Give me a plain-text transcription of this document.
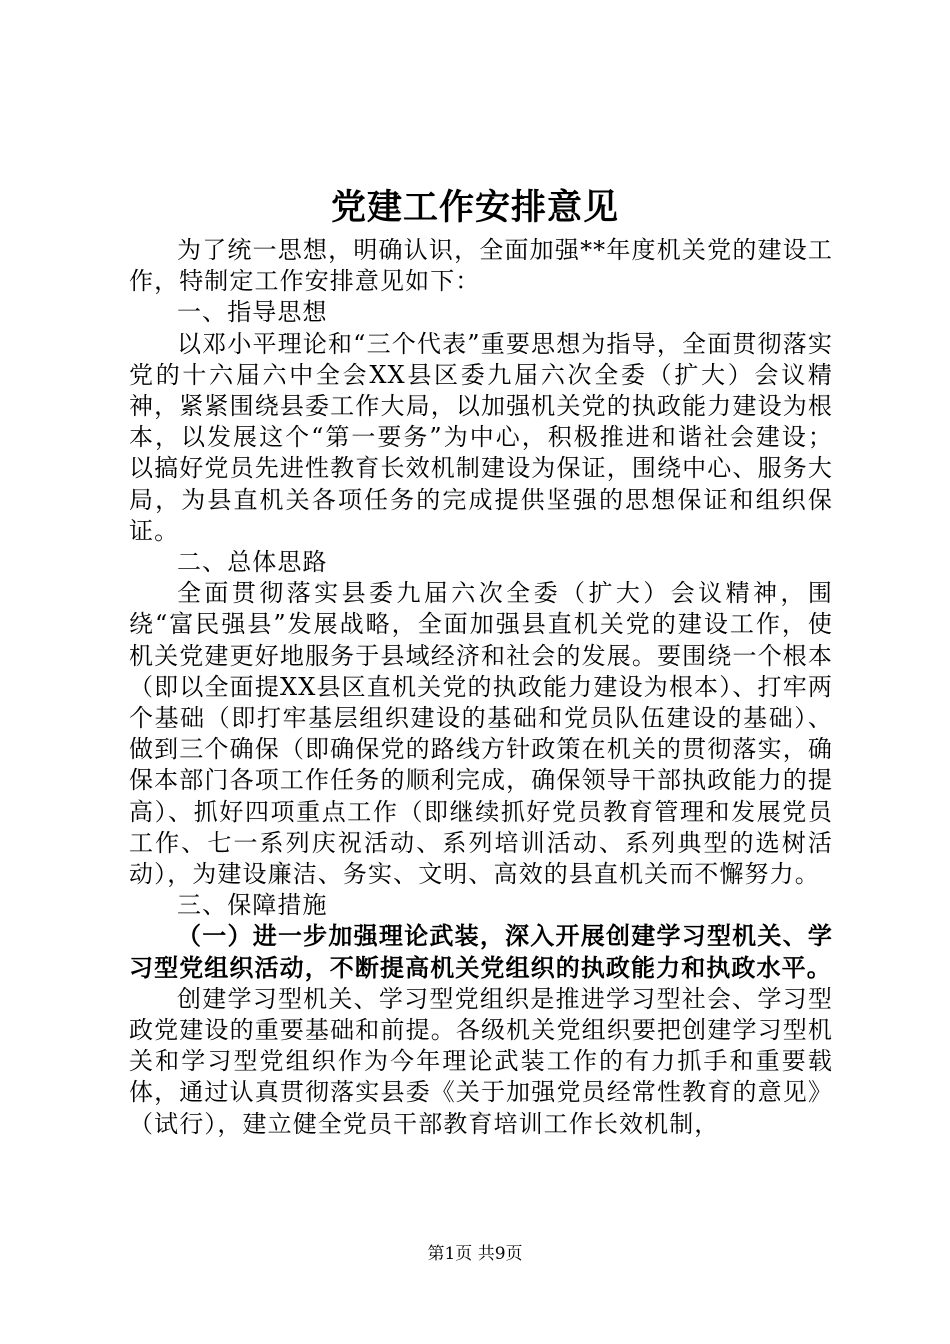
党建工作安排意见

为了统一思想，明确认识，全面加强**年度机关党的建设工作，特制定工作安排意见如下：

一、指导思想

以邓小平理论和“三个代表”重要思想为指导，全面贯彻落实党的十六届六中全会XX县区委九届六次全委（扩大）会议精神，紧紧围绕县委工作大局，以加强机关党的执政能力建设为根本，以发展这个“第一要务”为中心，积极推进和谐社会建设；以搞好党员先进性教育长效机制建设为保证，围绕中心、服务大局，为县直机关各项任务的完成提供坚强的思想保证和组织保证。

二、总体思路

全面贯彻落实县委九届六次全委（扩大）会议精神，围绕“富民强县”发展战略，全面加强县直机关党的建设工作，使机关党建更好地服务于县域经济和社会的发展。要围绕一个根本（即以全面提XX县区直机关党的执政能力建设为根本）、打牢两个基础（即打牢基层组织建设的基础和党员队伍建设的基础）、做到三个确保（即确保党的路线方针政策在机关的贯彻落实，确保本部门各项工作任务的顺利完成，确保领导干部执政能力的提高）、抓好四项重点工作（即继续抓好党员教育管理和发展党员工作、七一系列庆祝活动、系列培训活动、系列典型的选树活动），为建设廉洁、务实、文明、高效的县直机关而不懈努力。

三、保障措施

（一）进一步加强理论武装，深入开展创建学习型机关、学习型党组织活动，不断提高机关党组织的执政能力和执政水平。

创建学习型机关、学习型党组织是推进学习型社会、学习型政党建设的重要基础和前提。各级机关党组织要把创建学习型机关和学习型党组织作为今年理论武装工作的有力抓手和重要载体，通过认真贯彻落实县委《关于加强党员经常性教育的意见》（试行），建立健全党员干部教育培训工作长效机制，

第1页 共9页
